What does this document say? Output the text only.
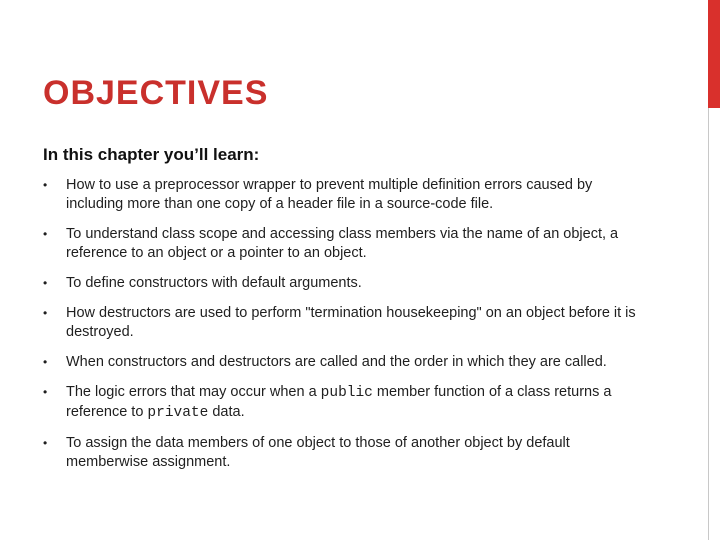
OBJECTIVES

In this chapter you’ll learn:

• How to use a preprocessor wrapper to prevent multiple definition errors caused by including more than one copy of a header file in a source-code file.
• To understand class scope and accessing class members via the name of an object, a reference to an object or a pointer to an object.
• To define constructors with default arguments.
• How destructors are used to perform "termination housekeeping" on an object before it is destroyed.
• When constructors and destructors are called and the order in which they are called.
• The logic errors that may occur when a public member function of a class returns a reference to private data.
• To assign the data members of one object to those of another object by default memberwise assignment.
